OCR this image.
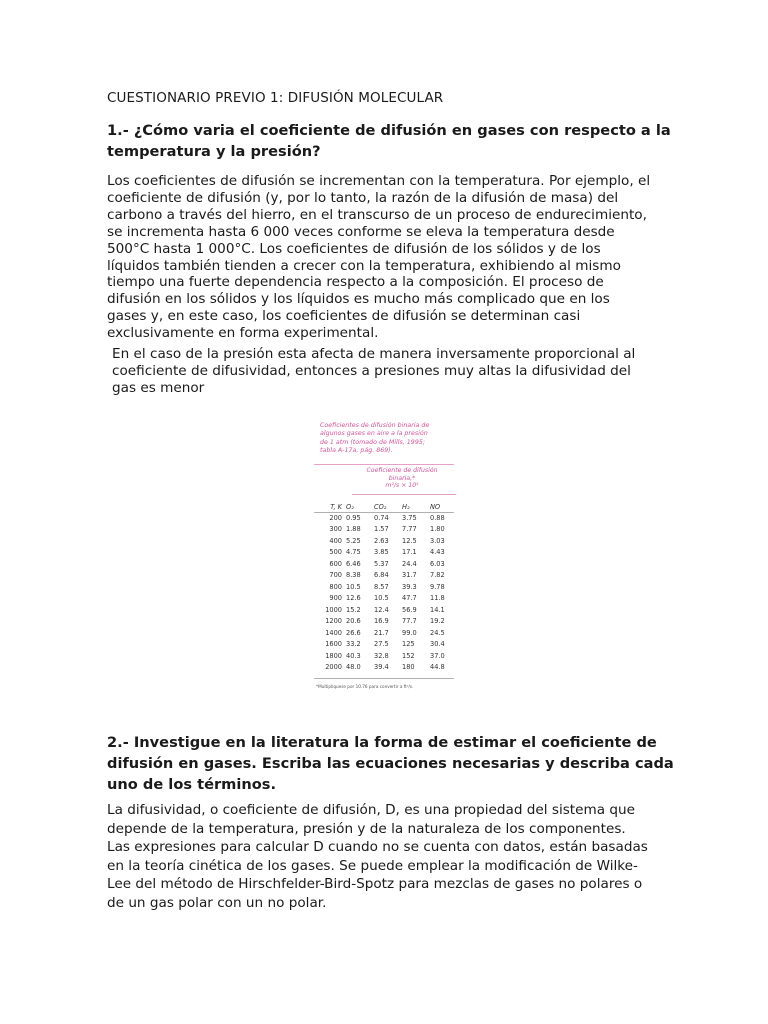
CUESTIONARIO PREVIO 1: DIFUSIÓN MOLECULAR
1.- ¿Cómo varia el coeficiente de difusión en gases con respecto a la
temperatura y la presión?
Los coeficientes de difusión se incrementan con la temperatura. Por ejemplo, el
coeficiente de difusión (y, por lo tanto, la razón de la difusión de masa) del
carbono a través del hierro, en el transcurso de un proceso de endurecimiento,
se incrementa hasta 6 000 veces conforme se eleva la temperatura desde
500°C hasta 1 000°C. Los coeficientes de difusión de los sólidos y de los
líquidos también tienden a crecer con la temperatura, exhibiendo al mismo
tiempo una fuerte dependencia respecto a la composición. El proceso de
difusión en los sólidos y los líquidos es mucho más complicado que en los
gases y, en este caso, los coeficientes de difusión se determinan casi
exclusivamente en forma experimental.
En el caso de la presión esta afecta de manera inversamente proporcional al
coeficiente de difusividad, entonces a presiones muy altas la difusividad del
gas es menor
Coeficientes de difusión binaria de
algunos gases en aire a la presión
de 1 atm (tomado de Mills, 1995;
tabla A-17a, pág. 869).
Coeficiente de difusión
binaria,*
m²/s × 10⁵
T, K	O₂	CO₂	H₂	NO
200	0.95	0.74	3.75	0.88
300	1.88	1.57	7.77	1.80
400	5.25	2.63	12.5	3.03
500	4.75	3.85	17.1	4.43
600	6.46	5.37	24.4	6.03
700	8.38	6.84	31.7	7.82
800	10.5	8.57	39.3	9.78
900	12.6	10.5	47.7	11.8
1000	15.2	12.4	56.9	14.1
1200	20.6	16.9	77.7	19.2
1400	26.6	21.7	99.0	24.5
1600	33.2	27.5	125	30.4
1800	40.3	32.8	152	37.0
2000	48.0	39.4	180	44.8
*Multiplíquese por 10.76 para convertir a ft²/s.
2.- Investigue en la literatura la forma de estimar el coeficiente de
difusión en gases. Escriba las ecuaciones necesarias y describa cada
uno de los términos.
La difusividad, o coeficiente de difusión, D, es una propiedad del sistema que
depende de la temperatura, presión y de la naturaleza de los componentes.
Las expresiones para calcular D cuando no se cuenta con datos, están basadas
en la teoría cinética de los gases. Se puede emplear la modificación de Wilke-
Lee del método de Hirschfelder-Bird-Spotz para mezclas de gases no polares o
de un gas polar con un no polar.
